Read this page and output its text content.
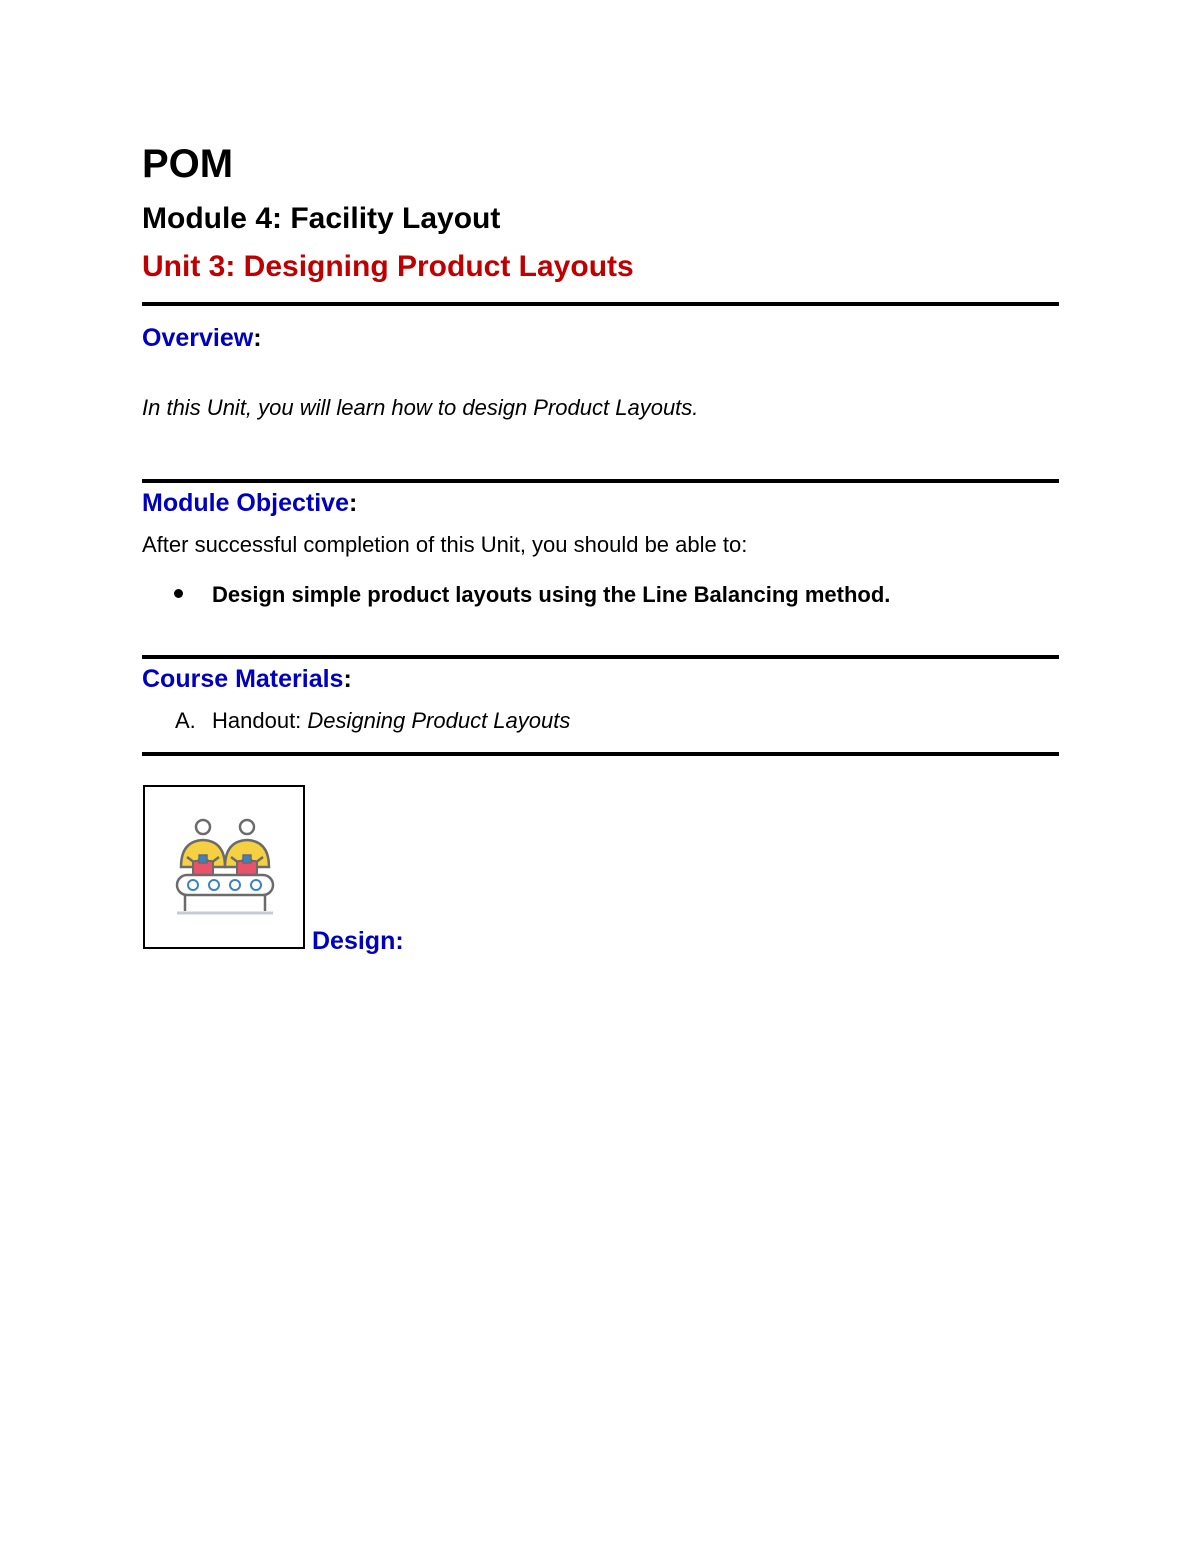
POM
Module 4: Facility Layout
Unit 3: Designing Product Layouts
Overview:
In this Unit, you will learn how to design Product Layouts.
Module Objective:
After successful completion of this Unit, you should be able to:
Design simple product layouts using the Line Balancing method.
Course Materials:
A. Handout: Designing Product Layouts
Design:
